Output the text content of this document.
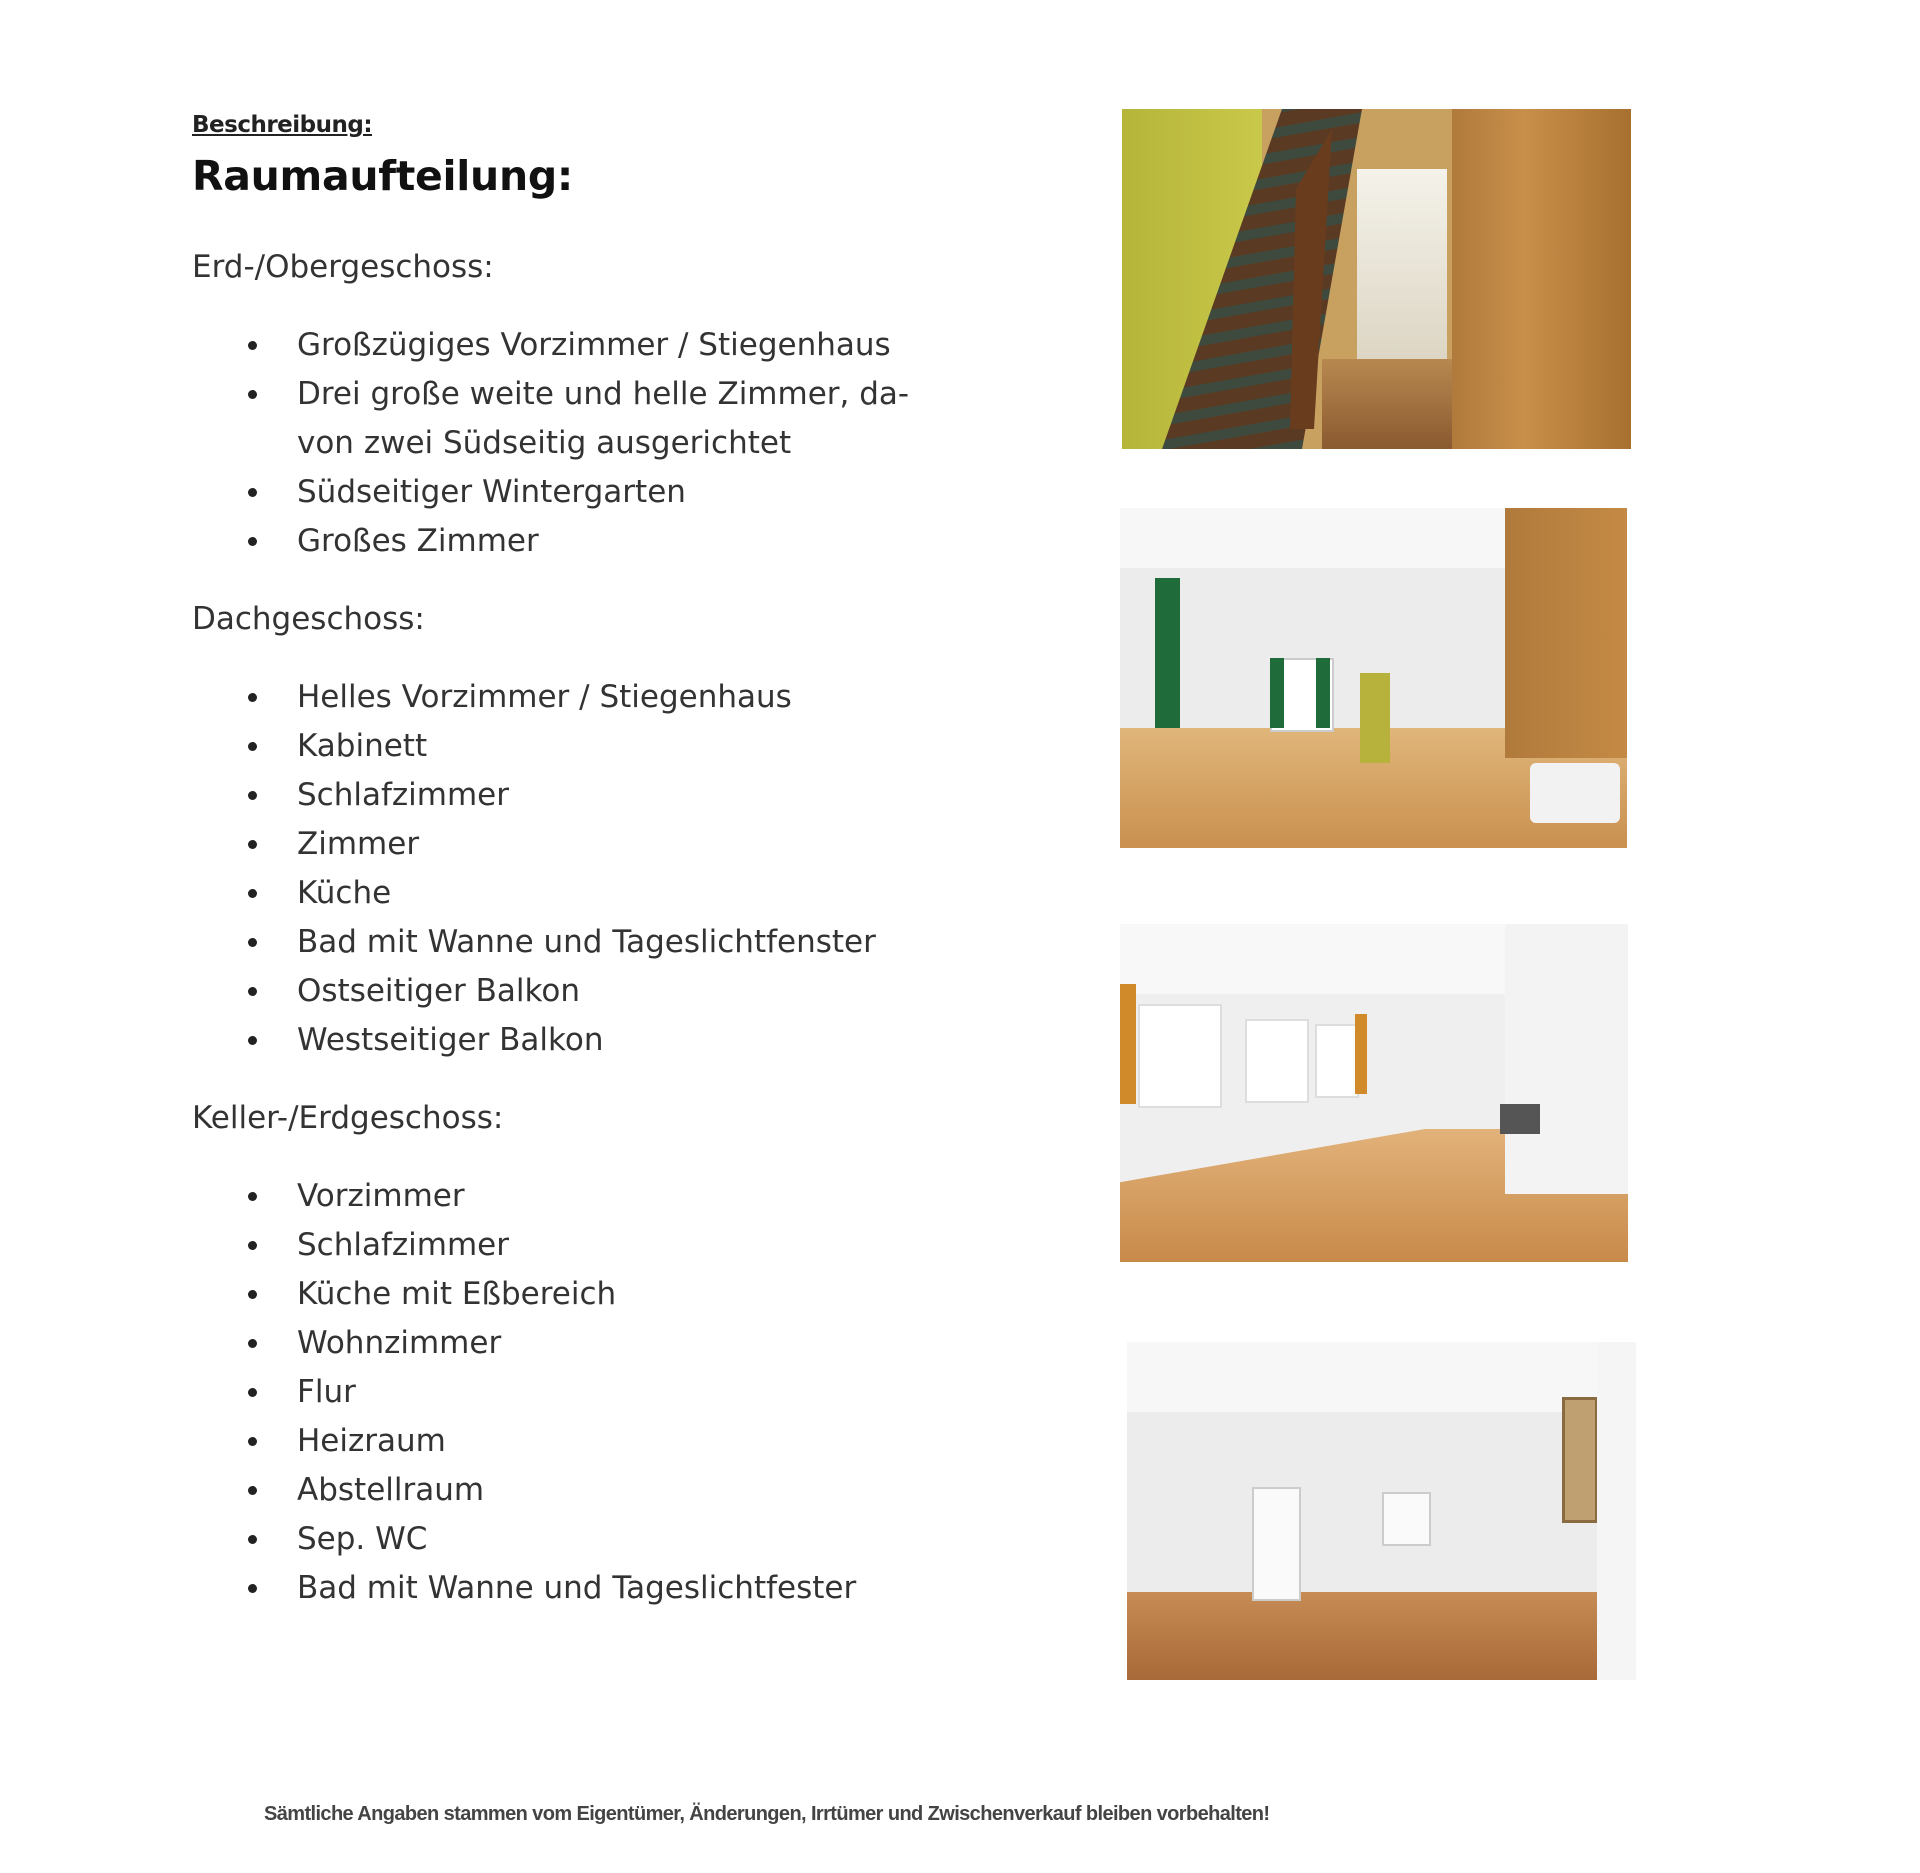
Beschreibung:
Raumaufteilung:
Erd-/Obergeschoss:
Großzügiges Vorzimmer / Stiegenhaus
Drei große weite und helle Zimmer, da-
von zwei Südseitig ausgerichtet
Südseitiger Wintergarten
Großes Zimmer
Dachgeschoss:
Helles Vorzimmer / Stiegenhaus
Kabinett
Schlafzimmer
Zimmer
Küche
Bad mit Wanne und Tageslichtfenster
Ostseitiger Balkon
Westseitiger Balkon
Keller-/Erdgeschoss:
Vorzimmer
Schlafzimmer
Küche mit Eßbereich
Wohnzimmer
Flur
Heizraum
Abstellraum
Sep. WC
Bad mit Wanne und Tageslichtfester
Sämtliche Angaben stammen vom Eigentümer, Änderungen, Irrtümer und Zwischenverkauf bleiben vorbehalten!
